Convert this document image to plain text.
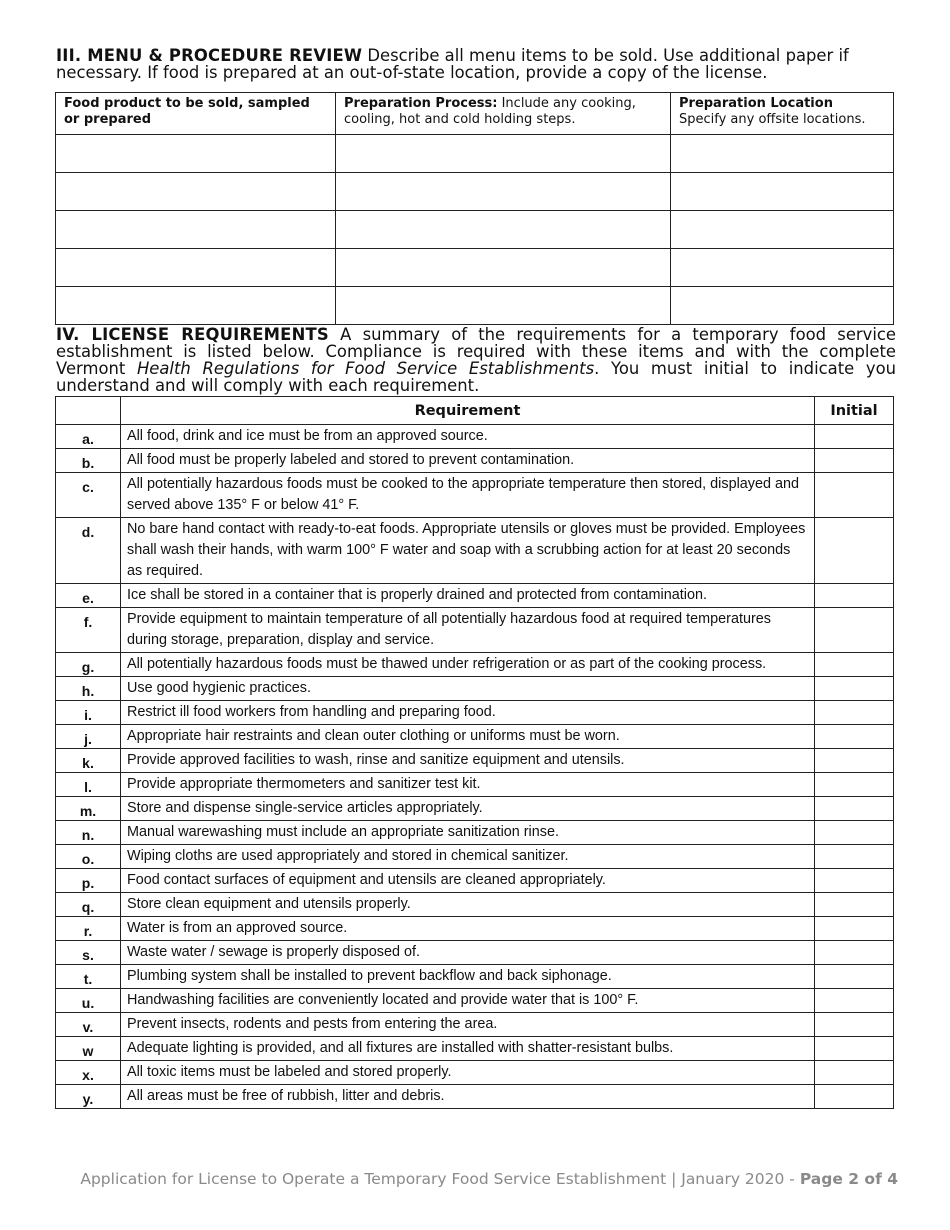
III. MENU & PROCEDURE REVIEW Describe all menu items to be sold. Use additional paper if necessary. If food is prepared at an out-of-state location, provide a copy of the license.
Food product to be sold, sampled or prepared	Preparation Process: Include any cooking, cooling, hot and cold holding steps.	Preparation Location
Specify any offsite locations.

IV. LICENSE REQUIREMENTS A summary of the requirements for a temporary food service establishment is listed below. Compliance is required with these items and with the complete Vermont Health Regulations for Food Service Establishments. You must initial to indicate you understand and will comply with each requirement.
	Requirement	Initial
a.	All food, drink and ice must be from an approved source.	
b.	All food must be properly labeled and stored to prevent contamination.	
c.	All potentially hazardous foods must be cooked to the appropriate temperature then stored, displayed and served above 135° F or below 41° F.	
d.	No bare hand contact with ready-to-eat foods. Appropriate utensils or gloves must be provided. Employees shall wash their hands, with warm 100° F water and soap with a scrubbing action for at least 20 seconds as required.	
e.	Ice shall be stored in a container that is properly drained and protected from contamination.	
f.	Provide equipment to maintain temperature of all potentially hazardous food at required temperatures during storage, preparation, display and service.	
g.	All potentially hazardous foods must be thawed under refrigeration or as part of the cooking process.	
h.	Use good hygienic practices.	
i.	Restrict ill food workers from handling and preparing food.	
j.	Appropriate hair restraints and clean outer clothing or uniforms must be worn.	
k.	Provide approved facilities to wash, rinse and sanitize equipment and utensils.	
l.	Provide appropriate thermometers and sanitizer test kit.	
m.	Store and dispense single-service articles appropriately.	
n.	Manual warewashing must include an appropriate sanitization rinse.	
o.	Wiping cloths are used appropriately and stored in chemical sanitizer.	
p.	Food contact surfaces of equipment and utensils are cleaned appropriately.	
q.	Store clean equipment and utensils properly.	
r.	Water is from an approved source.	
s.	Waste water / sewage is properly disposed of.	
t.	Plumbing system shall be installed to prevent backflow and back siphonage.	
u.	Handwashing facilities are conveniently located and provide water that is 100° F.	
v.	Prevent insects, rodents and pests from entering the area.	
w	Adequate lighting is provided, and all fixtures are installed with shatter-resistant bulbs.	
x.	All toxic items must be labeled and stored properly.	
y.	All areas must be free of rubbish, litter and debris.	
Application for License to Operate a Temporary Food Service Establishment | January 2020 - Page 2 of 4
